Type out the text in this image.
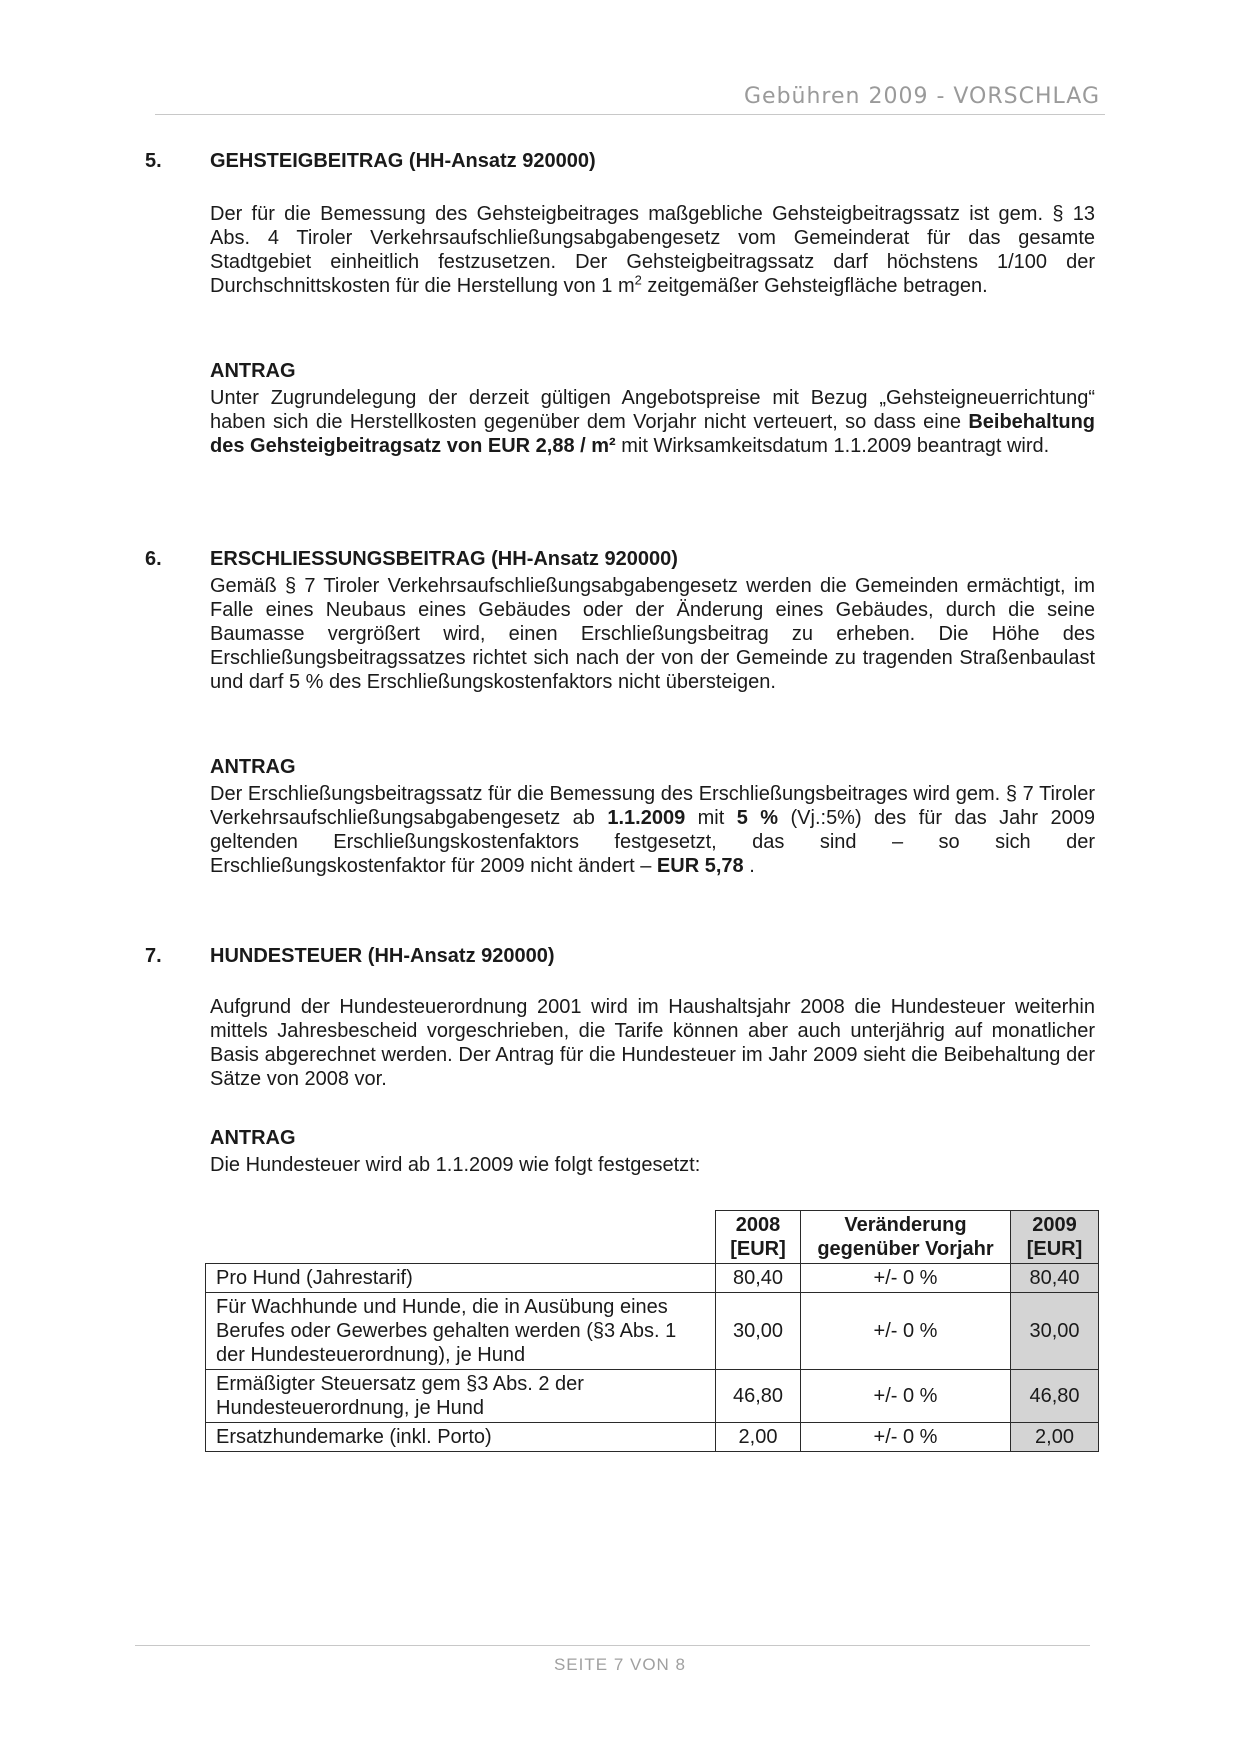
Gebühren 2009 - VORSCHLAG
5. GEHSTEIGBEITRAG (HH-Ansatz 920000)
Der für die Bemessung des Gehsteigbeitrages maßgebliche Gehsteigbeitragssatz ist gem. § 13 Abs. 4 Tiroler Verkehrsaufschließungsabgabengesetz vom Gemeinderat für das gesamte Stadtgebiet einheitlich festzusetzen. Der Gehsteigbeitragssatz darf höchstens 1/100 der Durchschnittskosten für die Herstellung von 1 $m^2$ zeitgemäßer Gehsteigfläche betragen.
ANTRAG
Unter Zugrundelegung der derzeit gültigen Angebotspreise mit Bezug „Gehsteigneuerrichtung“ haben sich die Herstellkosten gegenüber dem Vorjahr nicht verteuert, so dass eine Beibehaltung des Gehsteigbeitragsatz von EUR 2,88 / m² mit Wirksamkeitsdatum 1.1.2009 beantragt wird.
6. ERSCHLIESSUNGSBEITRAG (HH-Ansatz 920000)
Gemäß § 7 Tiroler Verkehrsaufschließungsabgabengesetz werden die Gemeinden ermächtigt, im Falle eines Neubaus eines Gebäudes oder der Änderung eines Gebäudes, durch die seine Baumasse vergrößert wird, einen Erschließungsbeitrag zu erheben. Die Höhe des Erschließungsbeitragssatzes richtet sich nach der von der Gemeinde zu tragenden Straßenbaulast und darf 5 % des Erschließungskostenfaktors nicht übersteigen.
ANTRAG
Der Erschließungsbeitragssatz für die Bemessung des Erschließungsbeitrages wird gem. § 7 Tiroler Verkehrsaufschließungsabgabengesetz ab 1.1.2009 mit 5 % (Vj.:5%) des für das Jahr 2009 geltenden Erschließungskostenfaktors festgesetzt, das sind – so sich der Erschließungskostenfaktor für 2009 nicht ändert – EUR 5,78 .
7. HUNDESTEUER (HH-Ansatz 920000)
Aufgrund der Hundesteuerordnung 2001 wird im Haushaltsjahr 2008 die Hundesteuer weiterhin mittels Jahresbescheid vorgeschrieben, die Tarife können aber auch unterjährig auf monatlicher Basis abgerechnet werden. Der Antrag für die Hundesteuer im Jahr 2009 sieht die Beibehaltung der Sätze von 2008 vor.
ANTRAG
Die Hundesteuer wird ab 1.1.2009 wie folgt festgesetzt:
	2008 [EUR]	Veränderung gegenüber Vorjahr	2009 [EUR]
Pro Hund (Jahrestarif)	80,40	+/- 0 %	80,40
Für Wachhunde und Hunde, die in Ausübung eines Berufes oder Gewerbes gehalten werden (§3 Abs. 1 der Hundesteuerordnung), je Hund	30,00	+/- 0 %	30,00
Ermäßigter Steuersatz gem §3 Abs. 2 der Hundesteuerordnung, je Hund	46,80	+/- 0 %	46,80
Ersatzhundemarke (inkl. Porto)	2,00	+/- 0 %	2,00
SEITE 7 VON 8
